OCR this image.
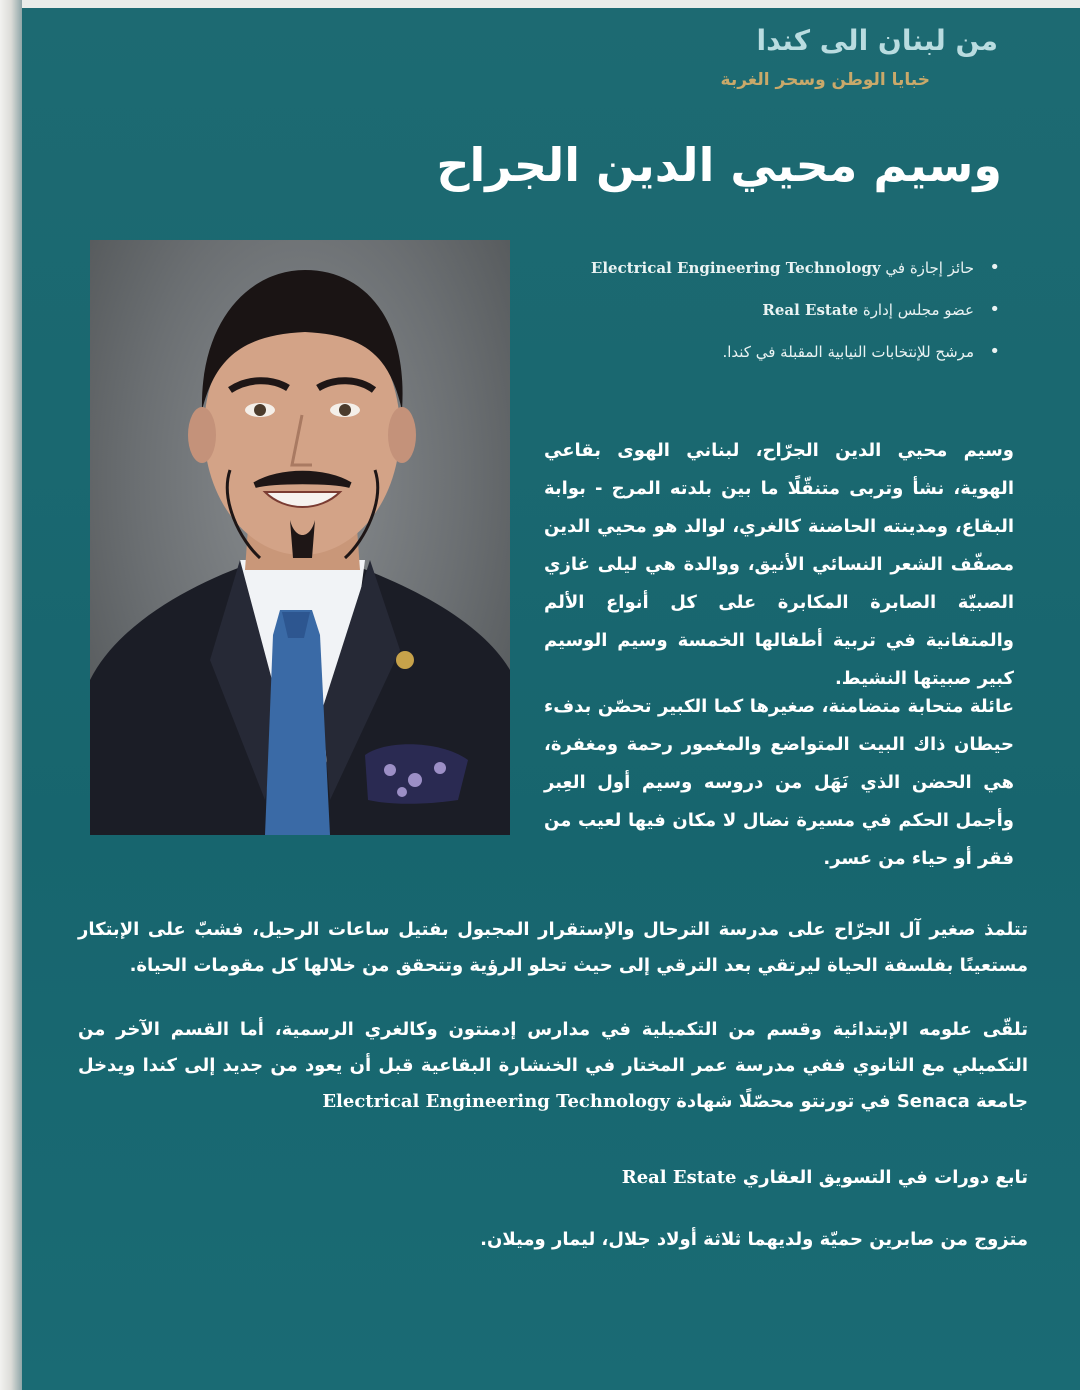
من لبنان الى كندا
خبايا الوطن وسحر الغربة
وسيم محيي الدين الجراح
•
حائز إجازة في Electrical Engineering Technology
•
عضو مجلس إدارة Real Estate
•
مرشح للإنتخابات النيابية المقبلة في كندا.

وسيم محيي الدين الجرّاح، لبناني الهوى بقاعي الهوية، نشأ وتربى متنقّلًا ما بين بلدته المرج - بوابة البقاع، ومدينته الحاضنة كالغري، لوالد هو محيي الدين مصفّف الشعر النسائي الأنيق، ووالدة هي ليلى غازي الصبيّة الصابرة المكابرة على كل أنواع الألم والمتفانية في تربية أطفالها الخمسة وسيم الوسيم كبير صبيتها النشيط.

عائلة متحابة متضامنة، صغيرها كما الكبير تحصّن بدفء حيطان ذاك البيت المتواضع والمغمور رحمة ومغفرة، هي الحضن الذي نَهَل من دروسه وسيم أول العِبر وأجمل الحكم في مسيرة نضال لا مكان فيها لعيب من فقر أو حياء من عسر.

تتلمذ صغير آل الجرّاح على مدرسة الترحال والإستقرار المجبول بفتيل ساعات الرحيل، فشبّ على الإبتكار مستعينًا بفلسفة الحياة ليرتقي بعد الترقي إلى حيث تحلو الرؤية وتتحقق من خلالها كل مقومات الحياة.

تلقّى علومه الإبتدائية وقسم من التكميلية في مدارس إدمنتون وكالغري الرسمية، أما القسم الآخر من التكميلي مع الثانوي ففي مدرسة عمر المختار في الخنشارة البقاعية قبل أن يعود من جديد إلى كندا ويدخل جامعة Senaca في تورنتو محصّلًا شهادة Electrical Engineering Technology

تابع دورات في التسويق العقاري Real Estate

متزوج من صابرين حميّة ولديهما ثلاثة أولاد جلال، ليمار وميلان.
